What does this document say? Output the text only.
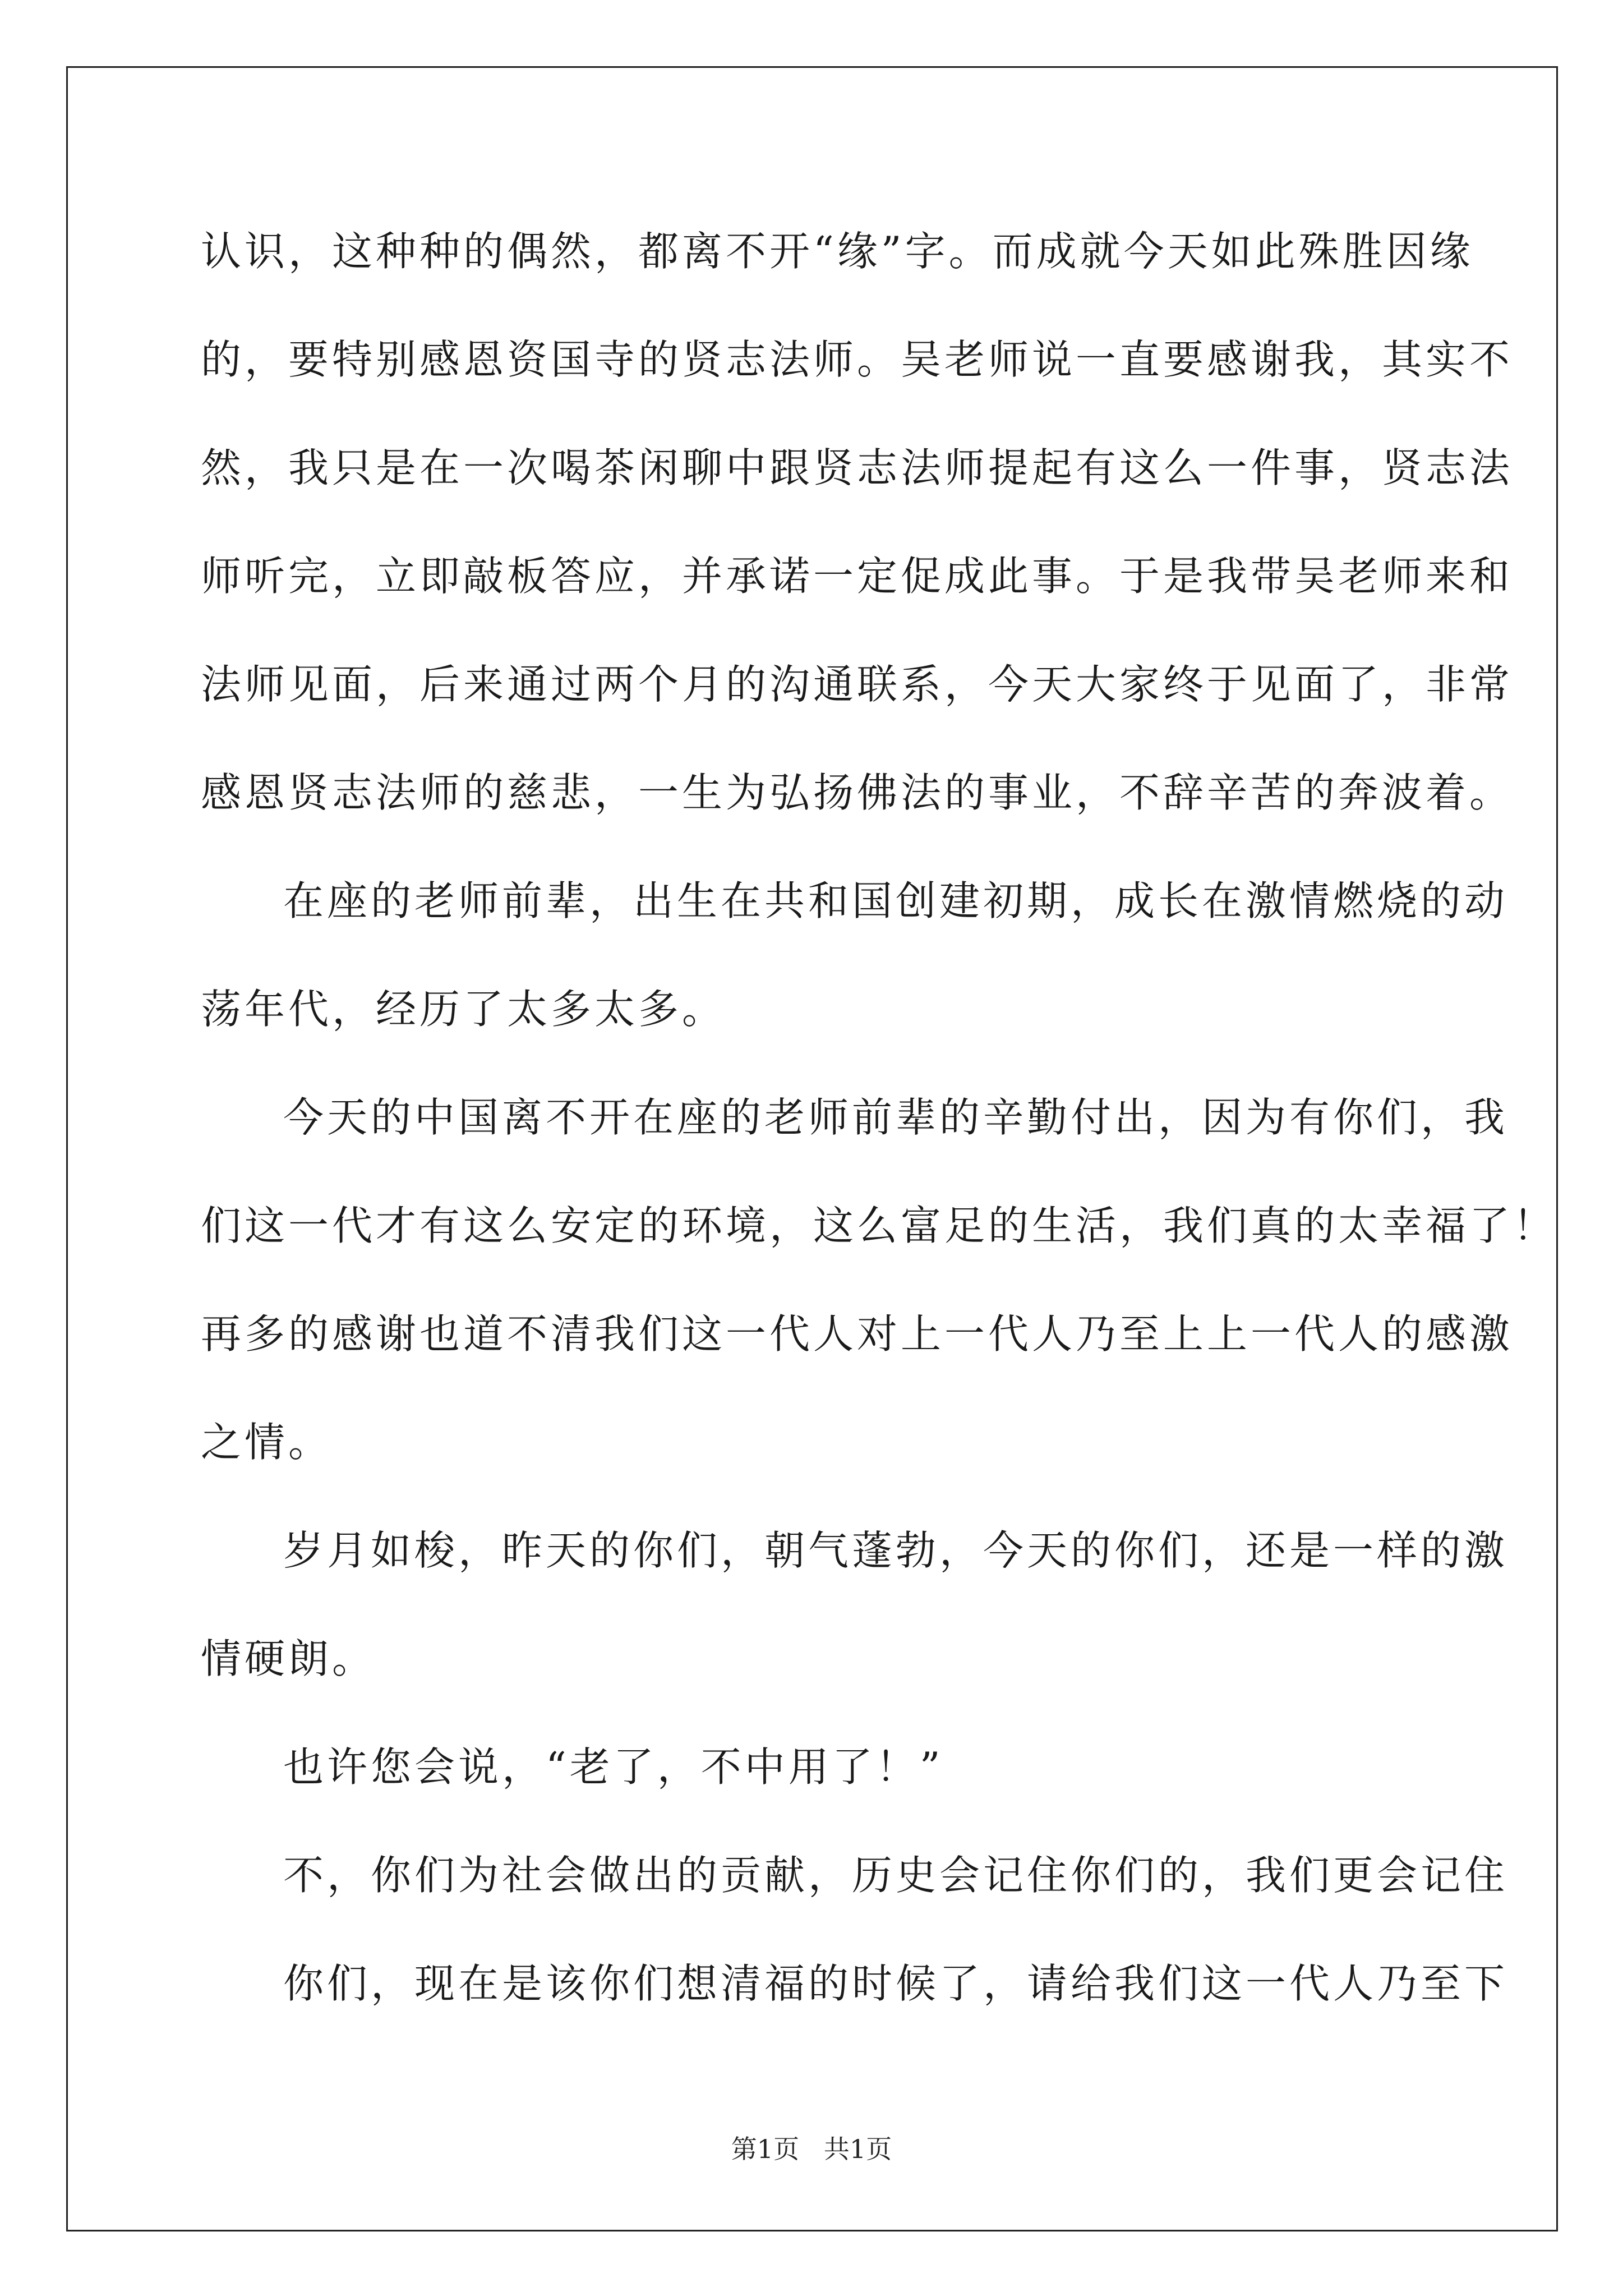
认识，这种种的偶然，都离不开“缘”字。而成就今天如此殊胜因缘

的，要特别感恩资国寺的贤志法师。吴老师说一直要感谢我，其实不

然，我只是在一次喝茶闲聊中跟贤志法师提起有这么一件事，贤志法

师听完，立即敲板答应，并承诺一定促成此事。于是我带吴老师来和

法师见面，后来通过两个月的沟通联系，今天大家终于见面了，非常

感恩贤志法师的慈悲，一生为弘扬佛法的事业，不辞辛苦的奔波着。

在座的老师前辈，出生在共和国创建初期，成长在激情燃烧的动

荡年代，经历了太多太多。

今天的中国离不开在座的老师前辈的辛勤付出，因为有你们，我

们这一代才有这么安定的环境，这么富足的生活，我们真的太幸福了！

再多的感谢也道不清我们这一代人对上一代人乃至上上一代人的感激

之情。

岁月如梭，昨天的你们，朝气蓬勃，今天的你们，还是一样的激

情硬朗。

也许您会说，“老了，不中用了！”

不，你们为社会做出的贡献，历史会记住你们的，我们更会记住

你们，现在是该你们想清福的时候了，请给我们这一代人乃至下

第1页   共1页
